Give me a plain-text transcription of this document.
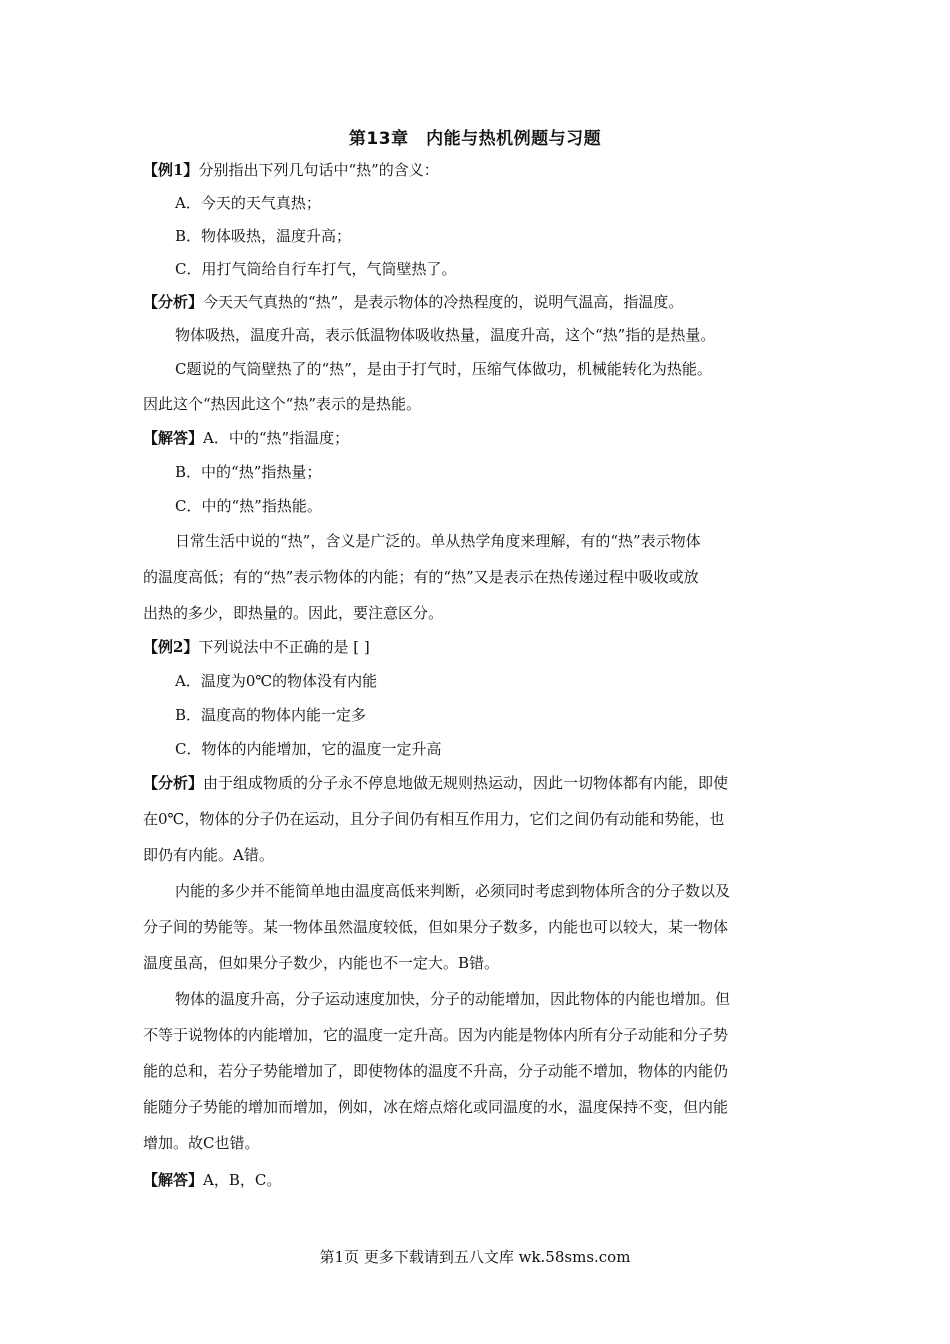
第13章　内能与热机例题与习题
【例1】分别指出下列几句话中“热”的含义：
A．今天的天气真热；
B．物体吸热，温度升高；
C．用打气筒给自行车打气，气筒壁热了。
【分析】今天天气真热的“热”，是表示物体的冷热程度的，说明气温高，指温度。
物体吸热，温度升高，表示低温物体吸收热量，温度升高，这个“热”指的是热量。
C题说的气筒壁热了的“热”，是由于打气时，压缩气体做功，机械能转化为热能。
因此这个“热因此这个“热”表示的是热能。
【解答】A．中的“热”指温度；
B．中的“热”指热量；
C．中的“热”指热能。
日常生活中说的“热”，含义是广泛的。单从热学角度来理解，有的“热”表示物体
的温度高低；有的“热”表示物体的内能；有的“热”又是表示在热传递过程中吸收或放
出热的多少，即热量的。因此，要注意区分。
【例2】下列说法中不正确的是 [ ]
A．温度为0℃的物体没有内能
B．温度高的物体内能一定多
C．物体的内能增加，它的温度一定升高
【分析】由于组成物质的分子永不停息地做无规则热运动，因此一切物体都有内能，即使
在0℃，物体的分子仍在运动，且分子间仍有相互作用力，它们之间仍有动能和势能，也
即仍有内能。A错。
内能的多少并不能简单地由温度高低来判断，必须同时考虑到物体所含的分子数以及
分子间的势能等。某一物体虽然温度较低，但如果分子数多，内能也可以较大，某一物体
温度虽高，但如果分子数少，内能也不一定大。B错。
物体的温度升高，分子运动速度加快，分子的动能增加，因此物体的内能也增加。但
不等于说物体的内能增加，它的温度一定升高。因为内能是物体内所有分子动能和分子势
能的总和，若分子势能增加了，即使物体的温度不升高，分子动能不增加，物体的内能仍
能随分子势能的增加而增加，例如，冰在熔点熔化或同温度的水，温度保持不变，但内能
增加。故C也错。
【解答】A，B，C。
第1页 更多下载请到五八文库 wk.58sms.com
